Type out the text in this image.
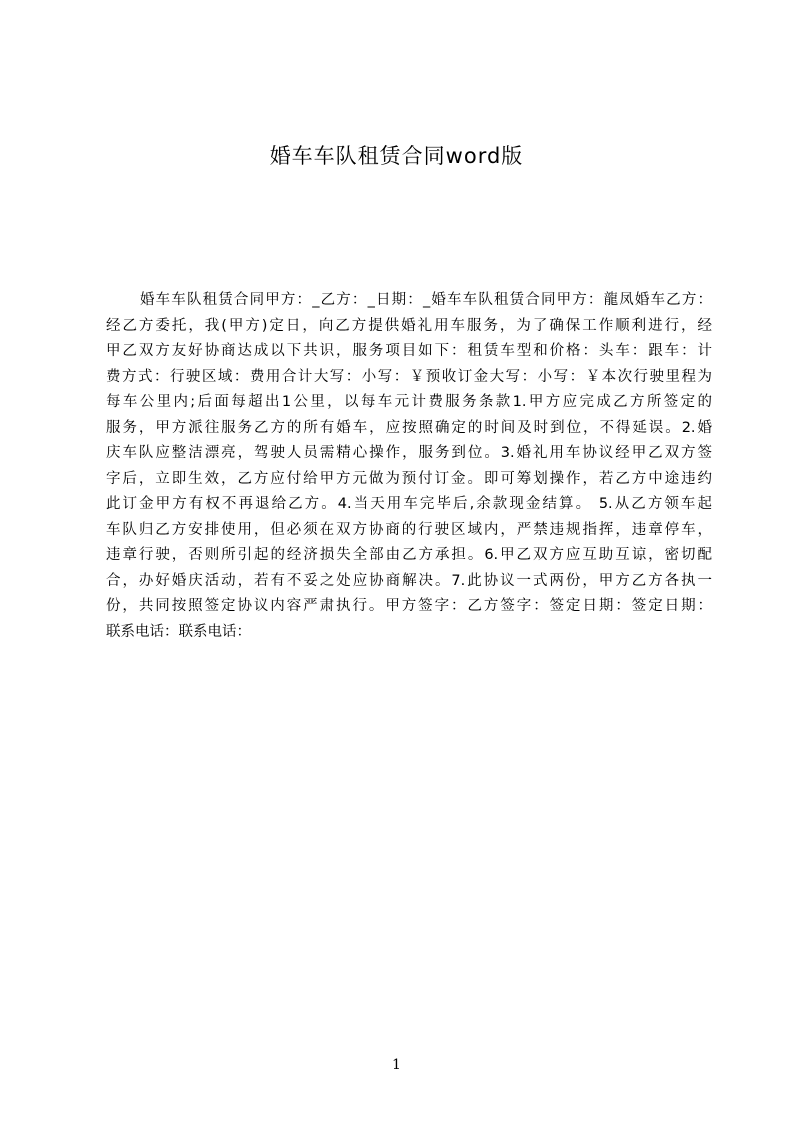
婚车车队租赁合同word版
婚车车队租赁合同甲方：_乙方：_日期：_婚车车队租赁合同甲方：龍凤婚车乙方：
经乙方委托，我(甲方)定日，向乙方提供婚礼用车服务，为了确保工作顺利进行，经
甲乙双方友好协商达成以下共识，服务项目如下：租赁车型和价格：头车：跟车：计
费方式：行驶区域：费用合计大写：小写：￥预收订金大写：小写：￥本次行驶里程为
每车公里内;后面每超出1公里，以每车元计费服务条款1.甲方应完成乙方所签定的
服务，甲方派往服务乙方的所有婚车，应按照确定的时间及时到位，不得延误。2.婚
庆车队应整洁漂亮，驾驶人员需精心操作，服务到位。3.婚礼用车协议经甲乙双方签
字后，立即生效，乙方应付给甲方元做为预付订金。即可筹划操作，若乙方中途违约
此订金甲方有权不再退给乙方。4.当天用车完毕后,余款现金结算。 5.从乙方领车起
车队归乙方安排使用，但必须在双方协商的行驶区域内，严禁违规指挥，违章停车，
违章行驶，否则所引起的经济损失全部由乙方承担。6.甲乙双方应互助互谅，密切配
合，办好婚庆活动，若有不妥之处应协商解决。7.此协议一式两份，甲方乙方各执一
份，共同按照签定协议内容严肃执行。甲方签字：乙方签字：签定日期：签定日期：
联系电话：联系电话：
1
